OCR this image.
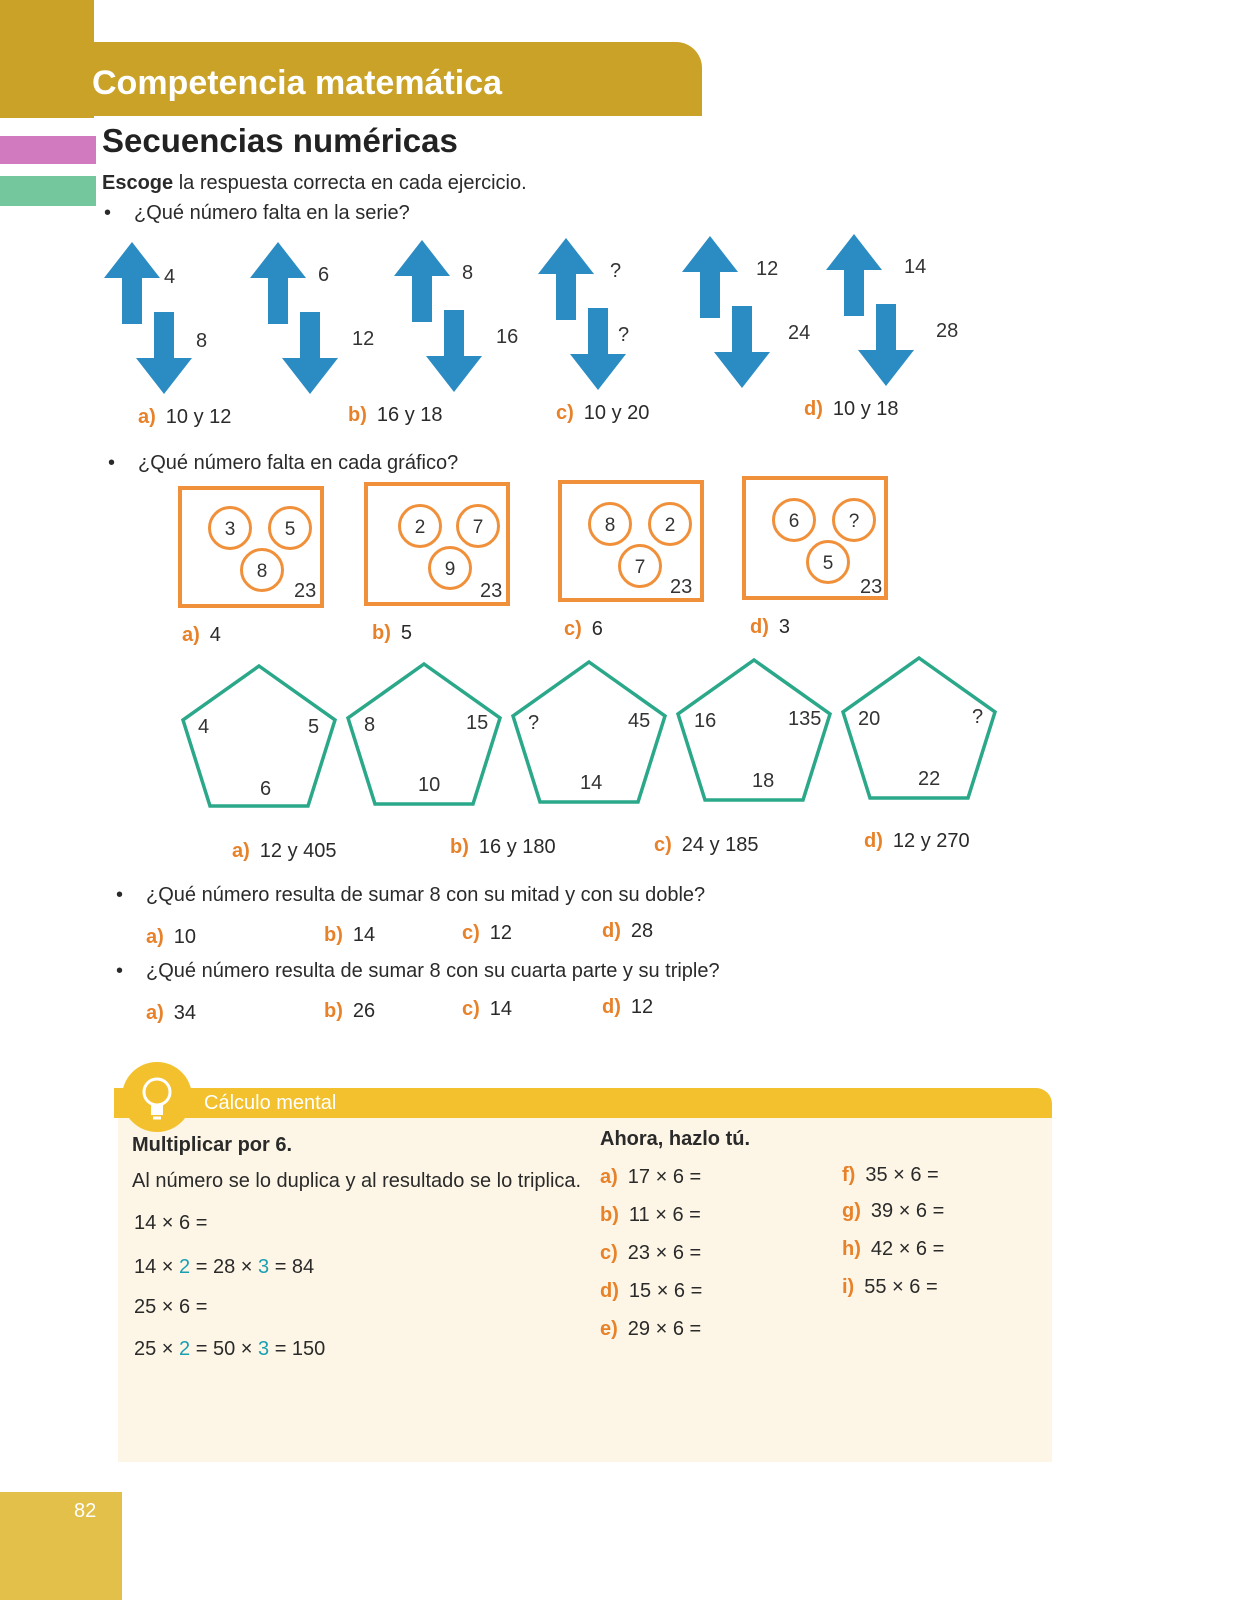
Competencia matemática
Secuencias numéricas
Escoge la respuesta correcta en cada ejercicio.
• ¿Qué número falta en la serie?
4
8
6
12
8
16
?
?
12
24
14
28
a) 10 y 12	b) 16 y 18	c) 10 y 20	d) 10 y 18
• ¿Qué número falta en cada gráfico?
3	5
8
23
2	7
9
23
8	2
7
23
6	?
5
23
a) 4	b) 5	c) 6	d) 3
4	5
6
8	15
10
?	45
14
16	135
18
20	?
22
a) 12 y 405	b) 16 y 180	c) 24 y 185	d) 12 y 270
• ¿Qué número resulta de sumar 8 con su mitad y con su doble?
a) 10	b) 14	c) 12	d) 28
• ¿Qué número resulta de sumar 8 con su cuarta parte y su triple?
a) 34	b) 26	c) 14	d) 12
Cálculo mental
Multiplicar por 6.
Al número se lo duplica y al resultado se lo triplica.
14 × 6 =
14 × 2 = 28 × 3 = 84
25 × 6 =
25 × 2 = 50 × 3 = 150
Ahora, hazlo tú.
a) 17 × 6 =
b) 11 × 6 =
c) 23 × 6 =
d) 15 × 6 =
e) 29 × 6 =
f) 35 × 6 =
g) 39 × 6 =
h) 42 × 6 =
i) 55 × 6 =
82
